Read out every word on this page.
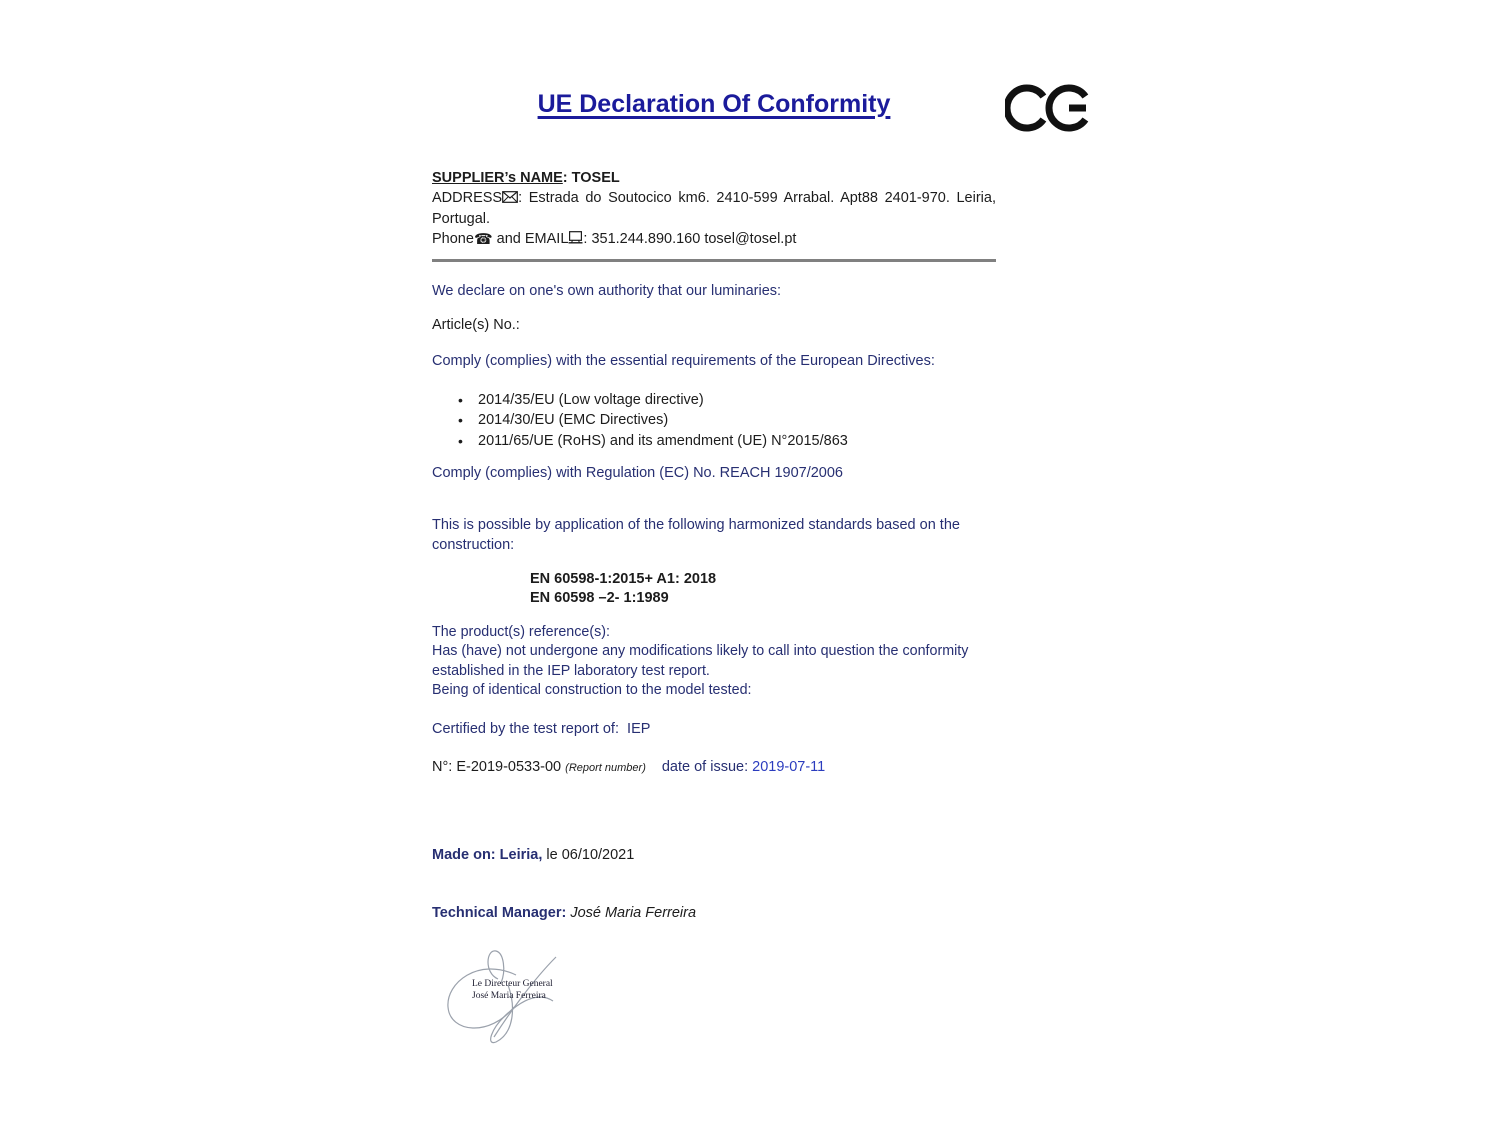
UE Declaration Of Conformity
SUPPLIER’s NAME: TOSEL
ADDRESS : Estrada do Soutocico km6. 2410-599 Arrabal. Apt88 2401-970. Leiria, Portugal.
Phone☎ and EMAIL : 351.244.890.160 tosel@tosel.pt
We declare on one's own authority that our luminaries:
Article(s) No.:
Comply (complies) with the essential requirements of the European Directives:
•
2014/35/EU (Low voltage directive)
•
2014/30/EU (EMC Directives)
•
2011/65/UE (RoHS) and its amendment (UE) N°2015/863
Comply (complies) with Regulation (EC) No. REACH 1907/2006
This is possible by application of the following harmonized standards based on the construction:
EN 60598-1:2015+ A1: 2018
EN 60598 –2- 1:1989
The product(s) reference(s):
Has (have) not undergone any modifications likely to call into question the conformity established in the IEP laboratory test report.
Being of identical construction to the model tested:
Certified by the test report of:  IEP
N°: E-2019-0533-00 (Report number) date of issue: 2019-07-11
Made on: Leiria, le 06/10/2021
Technical Manager: José Maria Ferreira
Le Directeur General
José Maria Ferreira
